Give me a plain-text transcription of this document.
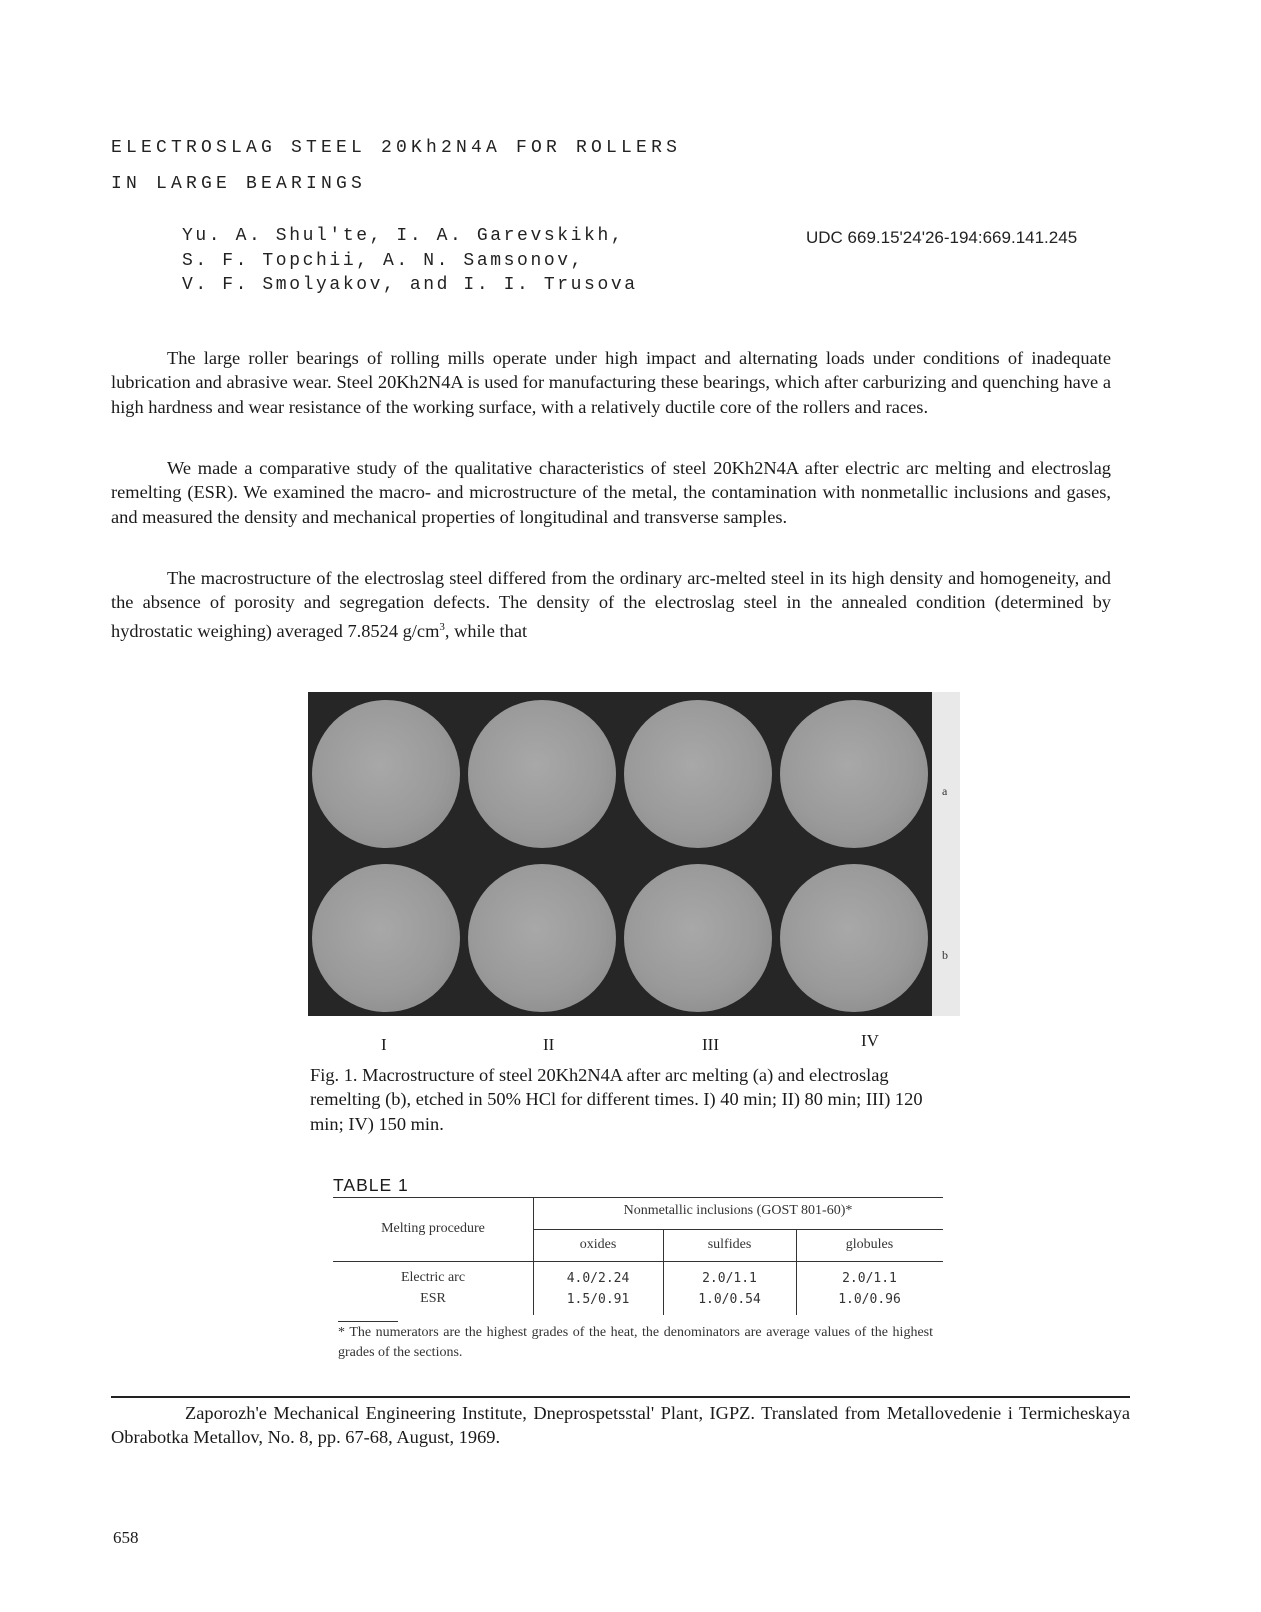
ELECTROSLAG STEEL 20Kh2N4A FOR ROLLERS
IN LARGE BEARINGS
Yu. A. Shul'te, I. A. Garevskikh,
S. F. Topchii, A. N. Samsonov,
V. F. Smolyakov, and I. I. Trusova
UDC 669.15'24'26-194:669.141.245

The large roller bearings of rolling mills operate under high impact and alternating loads under conditions of inadequate lubrication and abrasive wear. Steel 20Kh2N4A is used for manufacturing these bearings, which after carburizing and quenching have a high hardness and wear resistance of the working surface, with a relatively ductile core of the rollers and races.

We made a comparative study of the qualitative characteristics of steel 20Kh2N4A after electric arc melting and electroslag remelting (ESR). We examined the macro- and microstructure of the metal, the contamination with nonmetallic inclusions and gases, and measured the density and mechanical properties of longitudinal and transverse samples.

The macrostructure of the electroslag steel differed from the ordinary arc-melted steel in its high density and homogeneity, and the absence of porosity and segregation defects. The density of the electroslag steel in the annealed condition (determined by hydrostatic weighing) averaged 7.8524 $g/cm^3$, while that

a
b
I	II	III	IV

Fig. 1. Macrostructure of steel 20Kh2N4A after arc melting (a) and electroslag remelting (b), etched in 50% HCl for different times. I) 40 min; II) 80 min; III) 120 min; IV) 150 min.

TABLE 1
Melting procedure
Nonmetallic inclusions (GOST 801-60)*
oxides	sulfides	globules
Electric arc	4.0/2.24	2.0/1.1	2.0/1.1
ESR	1.5/0.91	1.0/0.54	1.0/0.96

* The numerators are the highest grades of the heat, the denominators are average values of the highest grades of the sections.

Zaporozh'e Mechanical Engineering Institute, Dneprospetsstal' Plant, IGPZ. Translated from Metallovedenie i Termicheskaya Obrabotka Metallov, No. 8, pp. 67-68, August, 1969.

658
